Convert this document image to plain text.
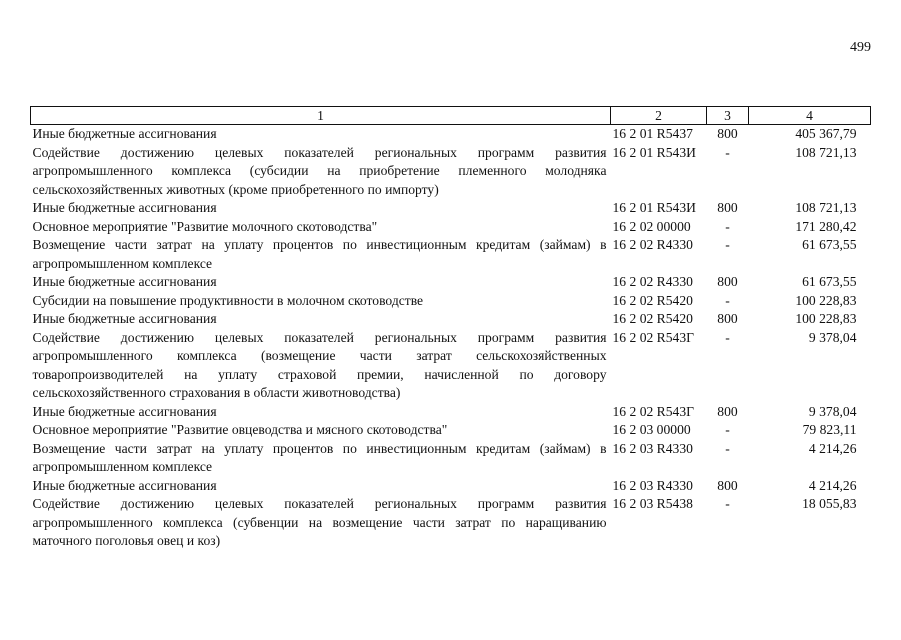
499
1	2	3	4
Иные бюджетные ассигнования	16 2 01 R5437	800	405 367,79
Содействие достижению целевых показателей региональных программ развития агропромышленного комплекса (субсидии на приобретение племенного молодняка сельскохозяйственных животных (кроме приобретенного по импорту)	16 2 01 R543И	-	108 721,13
Иные бюджетные ассигнования	16 2 01 R543И	800	108 721,13
Основное мероприятие "Развитие молочного скотоводства"	16 2 02 00000	-	171 280,42
Возмещение части затрат на уплату процентов по инвестиционным кредитам (займам) в агропромышленном комплексе	16 2 02 R4330	-	61 673,55
Иные бюджетные ассигнования	16 2 02 R4330	800	61 673,55
Субсидии на повышение продуктивности в молочном скотоводстве	16 2 02 R5420	-	100 228,83
Иные бюджетные ассигнования	16 2 02 R5420	800	100 228,83
Содействие достижению целевых показателей региональных программ развития агропромышленного комплекса (возмещение части затрат сельскохозяйственных товаропроизводителей на уплату страховой премии, начисленной по договору сельскохозяйственного страхования в области животноводства)	16 2 02 R543Г	-	9 378,04
Иные бюджетные ассигнования	16 2 02 R543Г	800	9 378,04
Основное мероприятие "Развитие овцеводства и мясного скотоводства"	16 2 03 00000	-	79 823,11
Возмещение части затрат на уплату процентов по инвестиционным кредитам (займам) в агропромышленном комплексе	16 2 03 R4330	-	4 214,26
Иные бюджетные ассигнования	16 2 03 R4330	800	4 214,26
Содействие достижению целевых показателей региональных программ развития агропромышленного комплекса (субвенции на возмещение части затрат по наращиванию маточного поголовья овец и коз)	16 2 03 R5438	-	18 055,83
